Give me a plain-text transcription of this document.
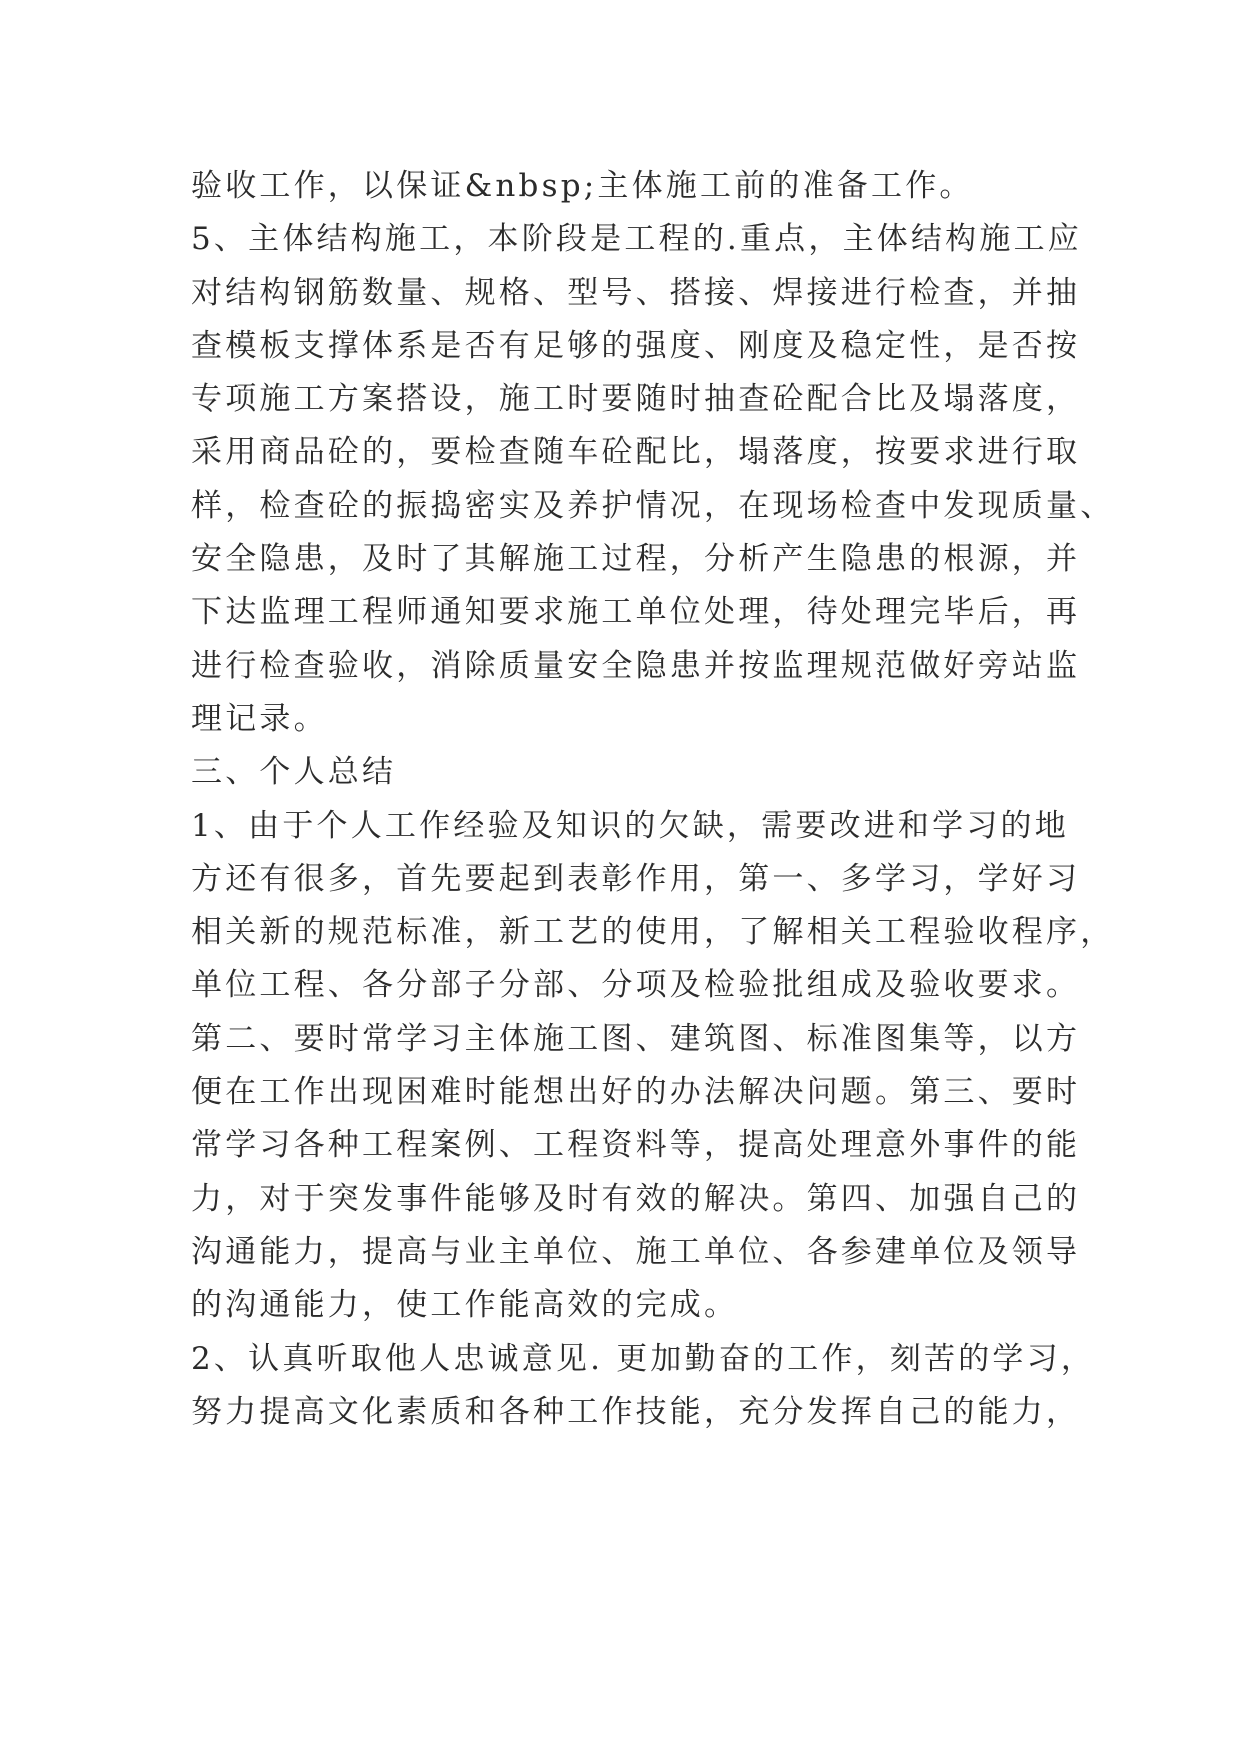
验收工作，以保证&nbsp;主体施工前的准备工作。
5、主体结构施工，本阶段是工程的.重点，主体结构施工应
对结构钢筋数量、规格、型号、搭接、焊接进行检查，并抽
查模板支撑体系是否有足够的强度、刚度及稳定性，是否按
专项施工方案搭设，施工时要随时抽查砼配合比及塌落度，
采用商品砼的，要检查随车砼配比，塌落度，按要求进行取
样，检查砼的振捣密实及养护情况，在现场检查中发现质量、
安全隐患，及时了其解施工过程，分析产生隐患的根源，并
下达监理工程师通知要求施工单位处理，待处理完毕后，再
进行检查验收，消除质量安全隐患并按监理规范做好旁站监
理记录。
三、个人总结
1、由于个人工作经验及知识的欠缺，需要改进和学习的地
方还有很多，首先要起到表彰作用，第一、多学习，学好习
相关新的规范标准，新工艺的使用，了解相关工程验收程序，
单位工程、各分部子分部、分项及检验批组成及验收要求。
第二、要时常学习主体施工图、建筑图、标准图集等，以方
便在工作出现困难时能想出好的办法解决问题。第三、要时
常学习各种工程案例、工程资料等，提高处理意外事件的能
力，对于突发事件能够及时有效的解决。第四、加强自己的
沟通能力，提高与业主单位、施工单位、各参建单位及领导
的沟通能力，使工作能高效的完成。
2、认真听取他人忠诚意见. 更加勤奋的工作，刻苦的学习，
努力提高文化素质和各种工作技能，充分发挥自己的能力，
